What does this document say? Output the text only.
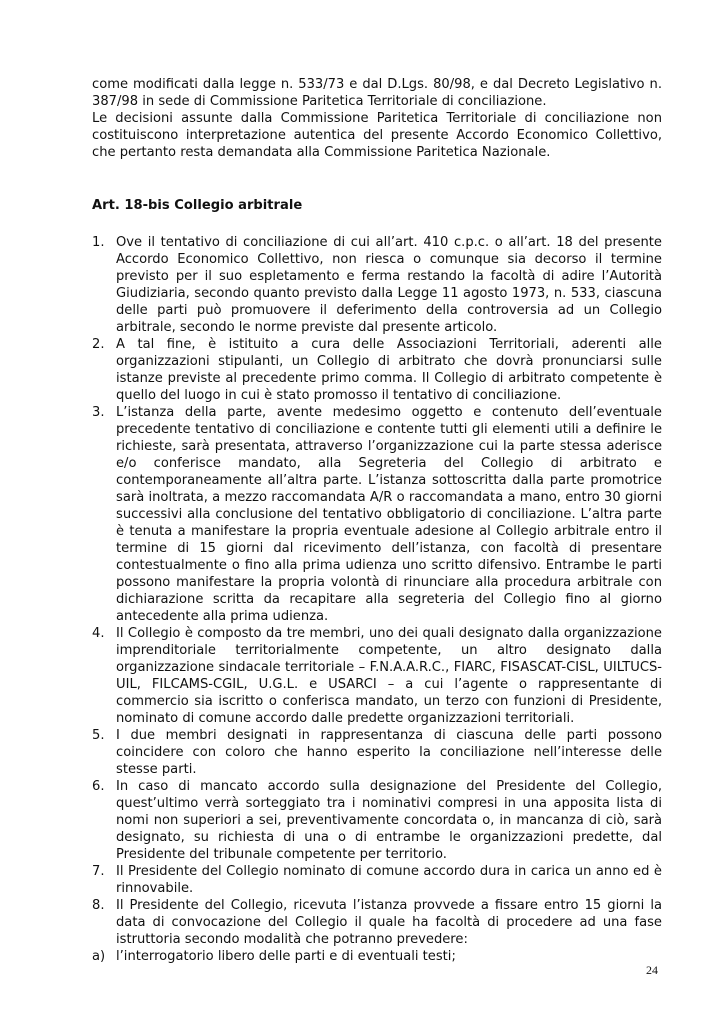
come modificati dalla legge n. 533/73 e dal D.Lgs. 80/98, e dal Decreto Legislativo n. 387/98 in sede di Commissione Paritetica Territoriale di conciliazione.

Le decisioni assunte dalla Commissione Paritetica Territoriale di conciliazione non costituiscono interpretazione autentica del presente Accordo Economico Collettivo, che pertanto resta demandata alla Commissione Paritetica Nazionale.

Art. 18-bis Collegio arbitrale
1. Ove il tentativo di conciliazione di cui all’art. 410 c.p.c. o all’art. 18 del presente Accordo Economico Collettivo, non riesca o comunque sia decorso il termine previsto per il suo espletamento e ferma restando la facoltà di adire l’Autorità Giudiziaria, secondo quanto previsto dalla Legge 11 agosto 1973, n. 533, ciascuna delle parti può promuovere il deferimento della controversia ad un Collegio arbitrale, secondo le norme previste dal presente articolo.
2. A tal fine, è istituito a cura delle Associazioni Territoriali, aderenti alle organizzazioni stipulanti, un Collegio di arbitrato che dovrà pronunciarsi sulle istanze previste al precedente primo comma. Il Collegio di arbitrato competente è quello del luogo in cui è stato promosso il tentativo di conciliazione.
3. L’istanza della parte, avente medesimo oggetto e contenuto dell’eventuale precedente tentativo di conciliazione e contente tutti gli elementi utili a definire le richieste, sarà presentata, attraverso l’organizzazione cui la parte stessa aderisce e/o conferisce mandato, alla Segreteria del Collegio di arbitrato e contemporaneamente all’altra parte. L’istanza sottoscritta dalla parte promotrice sarà inoltrata, a mezzo raccomandata A/R o raccomandata a mano, entro 30 giorni successivi alla conclusione del tentativo obbligatorio di conciliazione. L’altra parte è tenuta a manifestare la propria eventuale adesione al Collegio arbitrale entro il termine di 15 giorni dal ricevimento dell’istanza, con facoltà di presentare contestualmente o fino alla prima udienza uno scritto difensivo. Entrambe le parti possono manifestare la propria volontà di rinunciare alla procedura arbitrale con dichiarazione scritta da recapitare alla segreteria del Collegio fino al giorno antecedente alla prima udienza.
4. Il Collegio è composto da tre membri, uno dei quali designato dalla organizzazione imprenditoriale territorialmente competente, un altro designato dalla organizzazione sindacale territoriale – F.N.A.A.R.C., FIARC, FISASCAT-CISL, UILTUCS-UIL, FILCAMS-CGIL, U.G.L. e USARCI – a cui l’agente o rappresentante di commercio sia iscritto o conferisca mandato, un terzo con funzioni di Presidente, nominato di comune accordo dalle predette organizzazioni territoriali.
5. I due membri designati in rappresentanza di ciascuna delle parti possono coincidere con coloro che hanno esperito la conciliazione nell’interesse delle stesse parti.
6. In caso di mancato accordo sulla designazione del Presidente del Collegio, quest’ultimo verrà sorteggiato tra i nominativi compresi in una apposita lista di nomi non superiori a sei, preventivamente concordata o, in mancanza di ciò, sarà designato, su richiesta di una o di entrambe le organizzazioni predette, dal Presidente del tribunale competente per territorio.
7. Il Presidente del Collegio nominato di comune accordo dura in carica un anno ed è rinnovabile.
8. Il Presidente del Collegio, ricevuta l’istanza provvede a fissare entro 15 giorni la data di convocazione del Collegio il quale ha facoltà di procedere ad una fase istruttoria secondo modalità che potranno prevedere:
a) l’interrogatorio libero delle parti e di eventuali testi;
24
